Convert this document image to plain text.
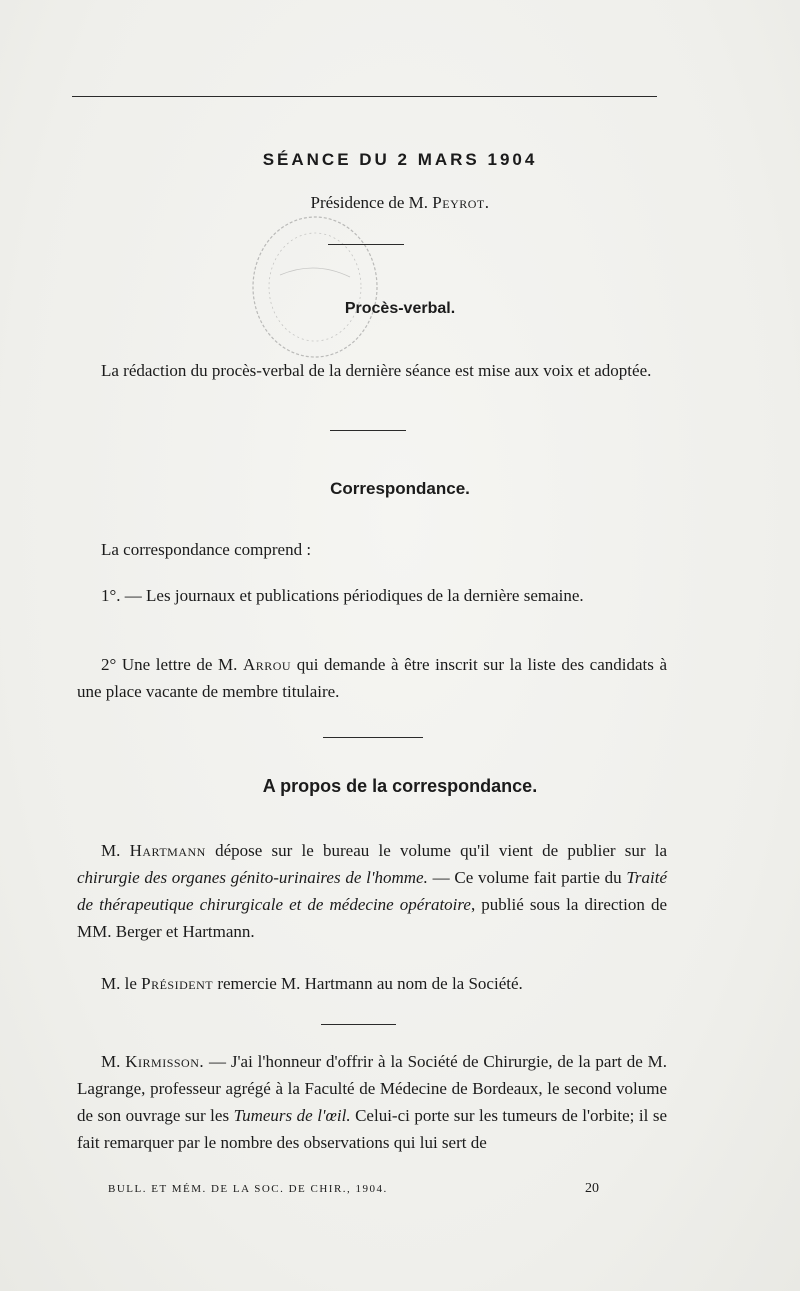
SÉANCE DU 2 MARS 1904
Présidence de M. Peyrot.
Procès-verbal.
La rédaction du procès-verbal de la dernière séance est mise aux voix et adoptée.
Correspondance.
La correspondance comprend :
1°. — Les journaux et publications périodiques de la dernière semaine.
2° Une lettre de M. Arrou qui demande à être inscrit sur la liste des candidats à une place vacante de membre titulaire.
A propos de la correspondance.
M. Hartmann dépose sur le bureau le volume qu'il vient de publier sur la chirurgie des organes génito-urinaires de l'homme. — Ce volume fait partie du Traité de thérapeutique chirurgicale et de médecine opératoire, publié sous la direction de MM. Berger et Hartmann.
M. le Président remercie M. Hartmann au nom de la Société.
M. Kirmisson. — J'ai l'honneur d'offrir à la Société de Chirurgie, de la part de M. Lagrange, professeur agrégé à la Faculté de Médecine de Bordeaux, le second volume de son ouvrage sur les Tumeurs de l'œil. Celui-ci porte sur les tumeurs de l'orbite; il se fait remarquer par le nombre des observations qui lui sert de
BULL. ET MÉM. DE LA SOC. DE CHIR., 1904.	20
